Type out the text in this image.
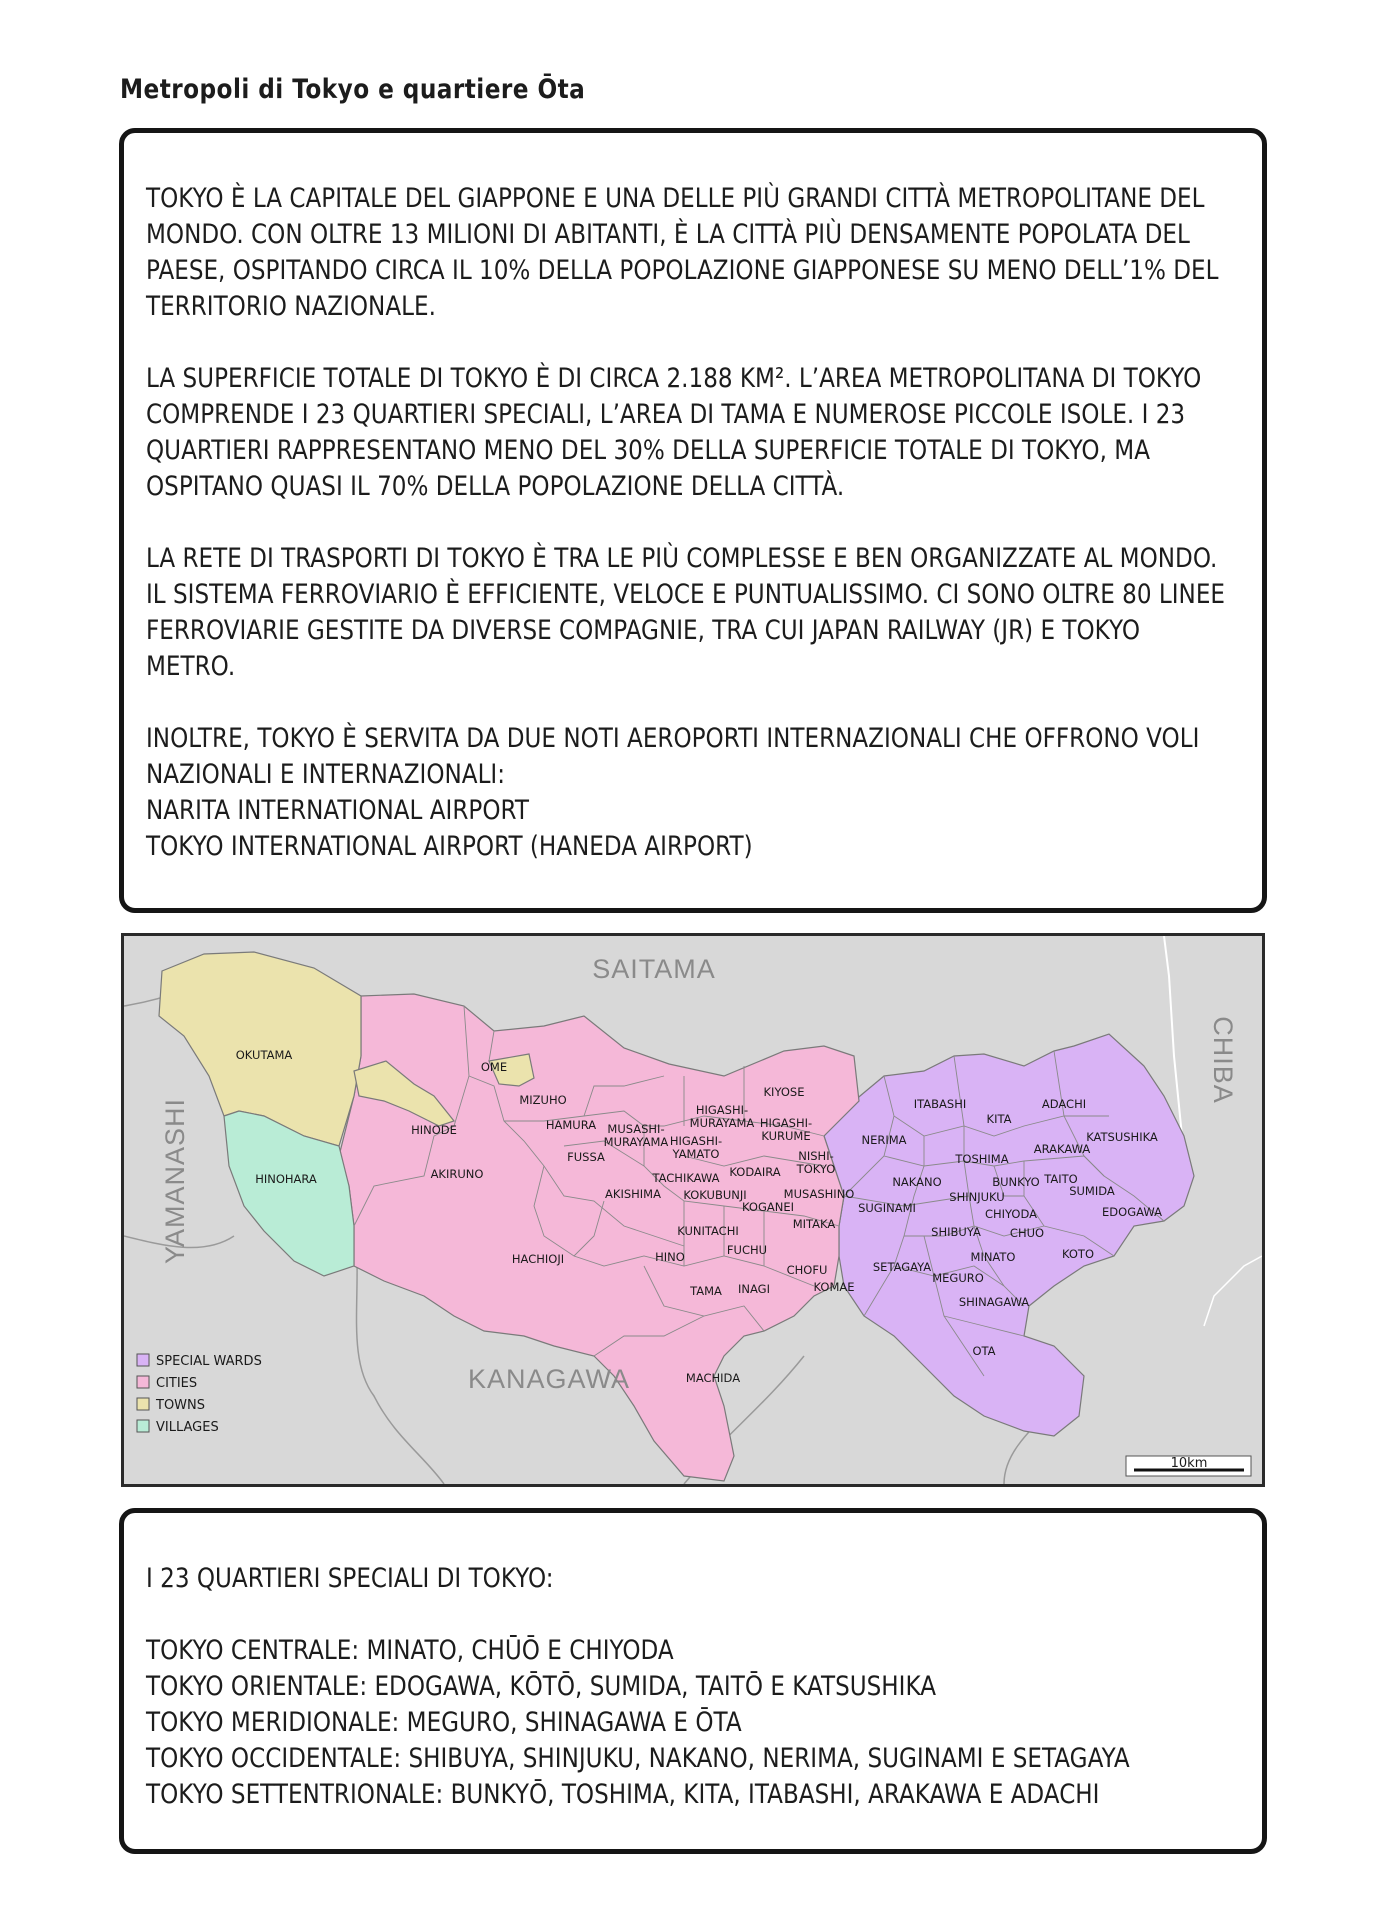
Metropoli di Tokyo e quartiere Ōta

TOKYO È LA CAPITALE DEL GIAPPONE E UNA DELLE PIÙ GRANDI CITTÀ METROPOLITANE DEL

MONDO. CON OLTRE 13 MILIONI DI ABITANTI, È LA CITTÀ PIÙ DENSAMENTE POPOLATA DEL

PAESE, OSPITANDO CIRCA IL 10% DELLA POPOLAZIONE GIAPPONESE SU MENO DELL’1% DEL

TERRITORIO NAZIONALE.

LA SUPERFICIE TOTALE DI TOKYO È DI CIRCA 2.188 KM². L’AREA METROPOLITANA DI TOKYO

COMPRENDE I 23 QUARTIERI SPECIALI, L’AREA DI TAMA E NUMEROSE PICCOLE ISOLE. I 23

QUARTIERI RAPPRESENTANO MENO DEL 30% DELLA SUPERFICIE TOTALE DI TOKYO, MA

OSPITANO QUASI IL 70% DELLA POPOLAZIONE DELLA CITTÀ.

LA RETE DI TRASPORTI DI TOKYO È TRA LE PIÙ COMPLESSE E BEN ORGANIZZATE AL MONDO.

IL SISTEMA FERROVIARIO È EFFICIENTE, VELOCE E PUNTUALISSIMO. CI SONO OLTRE 80 LINEE

FERROVIARIE GESTITE DA DIVERSE COMPAGNIE, TRA CUI JAPAN RAILWAY (JR) E TOKYO

METRO.

INOLTRE, TOKYO È SERVITA DA DUE NOTI AEROPORTI INTERNAZIONALI CHE OFFRONO VOLI

NAZIONALI E INTERNAZIONALI:

NARITA INTERNATIONAL AIRPORT

TOKYO INTERNATIONAL AIRPORT (HANEDA AIRPORT)

SAITAMA
KANAGAWA
CHIBA
YAMANASHI
OKUTAMA
HINOHARA
HINODE
MIZUHO
OME
AKIRUNO
HAMURA
FUSSA
MUSASHI-
MURAYAMA HIGASHI-
YAMATO
HIGASHI-
MURAYAMA
KIYOSE
HIGASHI-
KURUME
NISHI-
TOKYO
AKISHIMA
TACHIKAWA KODAIRA
KOKUBUNJI
KOGANEI
MUSASHINO
KUNITACHI	MITAKA
FUCHU
HINO
HACHIOJI
CHOFU
TAMA INAGI	KOMAE
MACHIDA
ITABASHI
KITA
ADACHI
KATSUSHIKA
NERIMA
TOSHIMA
ARAKAWA
NAKANO	BUNKYO TAITO
SUMIDA
SHINJUKU
SUGINAMI	CHIYODA	EDOGAWA
SHIBUYA	CHUO
KOTO
MINATO
SETAGAYA
MEGURO
SHINAGAWA
OTA
SPECIAL WARDS
CITIES
TOWNS
VILLAGES
10km

I 23 QUARTIERI SPECIALI DI TOKYO:

TOKYO CENTRALE: MINATO, CHŪŌ E CHIYODA

TOKYO ORIENTALE: EDOGAWA, KŌTŌ, SUMIDA, TAITŌ E KATSUSHIKA

TOKYO MERIDIONALE: MEGURO, SHINAGAWA E ŌTA

TOKYO OCCIDENTALE: SHIBUYA, SHINJUKU, NAKANO, NERIMA, SUGINAMI E SETAGAYA

TOKYO SETTENTRIONALE: BUNKYŌ, TOSHIMA, KITA, ITABASHI, ARAKAWA E ADACHI
